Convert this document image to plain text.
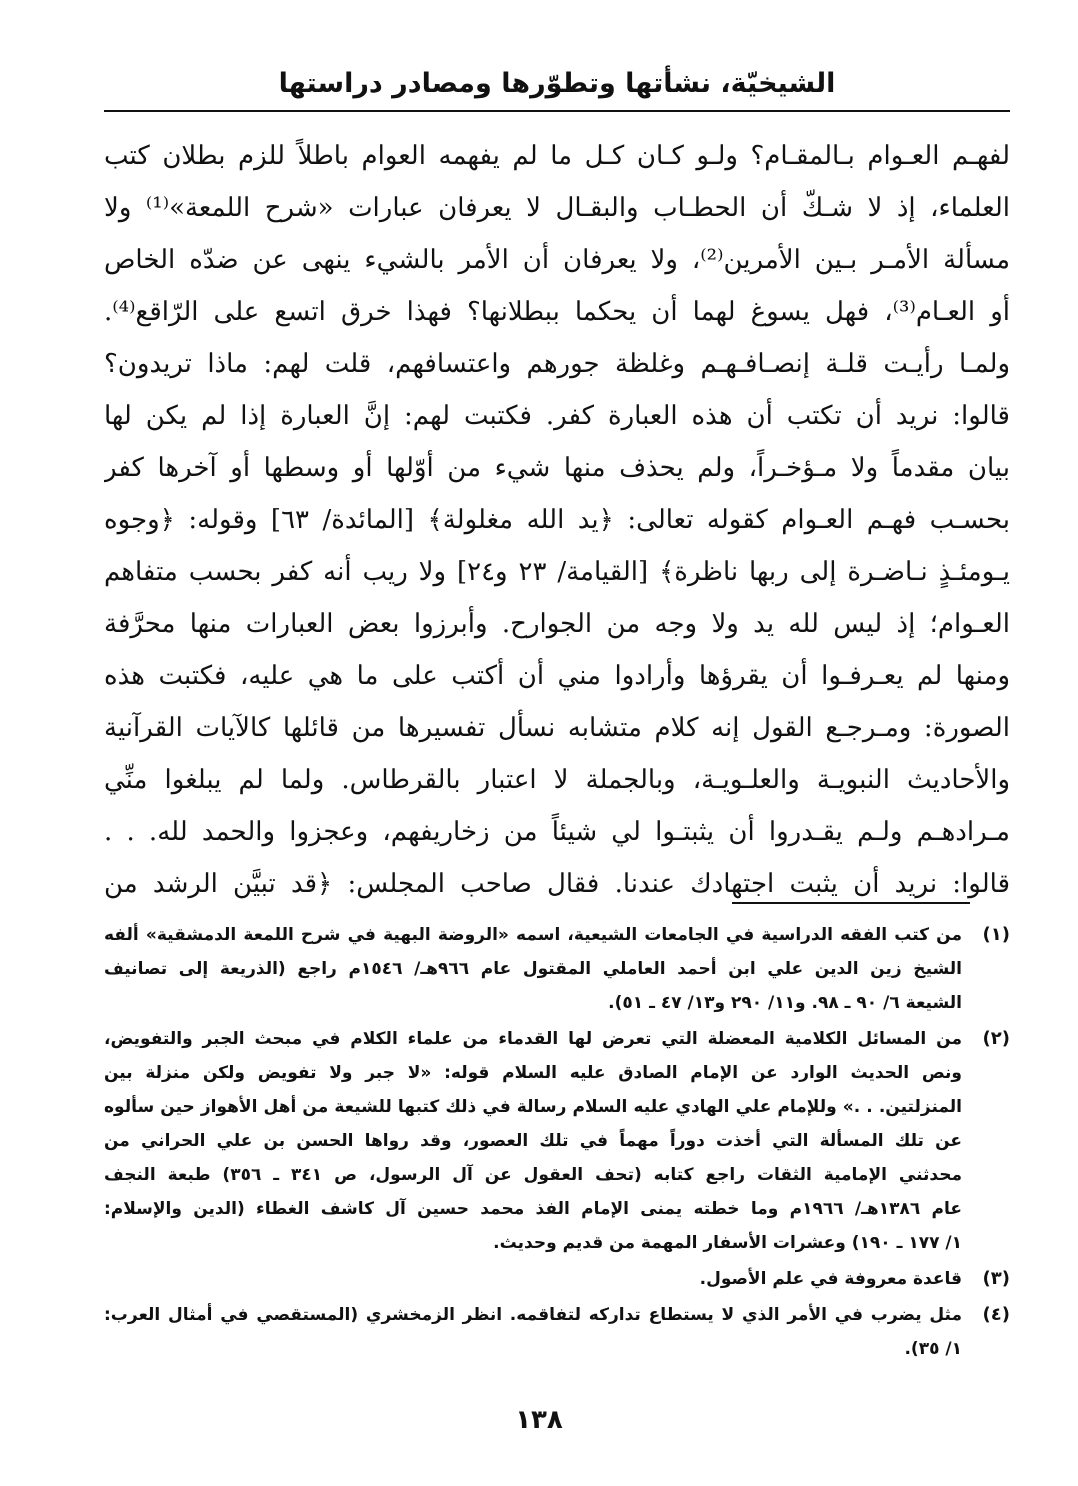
الشيخيّة، نشأتها وتطوّرها ومصادر دراستها

لفهـم العـوام بـالمقـام؟ ولـو كـان كـل ما لم يفهمه العوام باطلاً للزم بطلان كتب

العلماء، إذ لا شـكّ أن الحطـاب والبقـال لا يعرفان عبارات «شرح اللمعة»⁽¹⁾ ولا

مسألة الأمـر بـين الأمرين⁽²⁾، ولا يعرفان أن الأمر بالشيء ينهى عن ضدّه الخاص

أو العـام⁽³⁾، فهل يسوغ لهما أن يحكما ببطلانها؟ فهذا خرق اتسع على الرّاقع⁽⁴⁾.

ولمـا رأيـت قلـة إنصـافـهـم وغلظة جورهم واعتسافهم، قلت لهم: ماذا تريدون؟

قالوا: نريد أن تكتب أن هذه العبارة كفر. فكتبت لهم: إنَّ العبارة إذا لم يكن لها

بيان مقدماً ولا مـؤخـراً، ولم يحذف منها شيء من أوّلها أو وسطها أو آخرها كفر

بحسـب فهـم العـوام كقوله تعالى: ﴿يد الله مغلولة﴾ [المائدة/ ٦٣] وقوله: ﴿وجوه

يـومئـذٍ نـاضـرة إلى ربها ناظرة﴾ [القيامة/ ٢٣ و٢٤] ولا ريب أنه كفر بحسب متفاهم

العـوام؛ إذ ليس لله يد ولا وجه من الجوارح. وأبرزوا بعض العبارات منها محرَّفة

ومنها لم يعـرفـوا أن يقرؤها وأرادوا مني أن أكتب على ما هي عليه، فكتبت هذه

الصورة: ومـرجـع القول إنه كلام متشابه نسأل تفسيرها من قائلها كالآيات القرآنية

والأحاديث النبويـة والعلـويـة، وبالجملة لا اعتبار بالقرطاس. ولما لم يبلغوا منِّي

مـرادهـم ولـم يقـدروا أن يثبتـوا لي شيئاً من زخاريفهم، وعجزوا والحمد لله. . .

قالوا: نريد أن يثبت اجتهادك عندنا. فقال صاحب المجلس: ﴿قد تبيَّن الرشد من

(١)

من كتب الفقه الدراسية في الجامعات الشيعية، اسمه «الروضة البهية في شرح اللمعة الدمشقية» ألفه

الشيخ زين الدين علي ابن أحمد العاملي المقتول عام ٩٦٦هـ/ ١٥٤٦م راجع (الذريعة إلى تصانيف

الشيعة ٦/ ٩٠ ـ ٩٨. و١١/ ٢٩٠ و١٣/ ٤٧ ـ ٥١).

(٢)

من المسائل الكلامية المعضلة التي تعرض لها القدماء من علماء الكلام في مبحث الجبر والتفويض،

ونص الحديث الوارد عن الإمام الصادق عليه السلام قوله: «لا جبر ولا تفويض ولكن منزلة بين

المنزلتين. . .» وللإمام علي الهادي عليه السلام رسالة في ذلك كتبها للشيعة من أهل الأهواز حين سألوه

عن تلك المسألة التي أخذت دوراً مهماً في تلك العصور، وقد رواها الحسن بن علي الحراني من

محدثني الإمامية الثقات راجع كتابه (تحف العقول عن آل الرسول، ص ٣٤١ ـ ٣٥٦) طبعة النجف

عام ١٣٨٦هـ/ ١٩٦٦م وما خطته يمنى الإمام الفذ محمد حسين آل كاشف الغطاء (الدين والإسلام:

١/ ١٧٧ ـ ١٩٠) وعشرات الأسفار المهمة من قديم وحديث.

(٣)

قاعدة معروفة في علم الأصول.

(٤)

مثل يضرب في الأمر الذي لا يستطاع تداركه لتفاقمه. انظر الزمخشري (المستقصي في أمثال العرب:

١/ ٣٥).

١٣٨
